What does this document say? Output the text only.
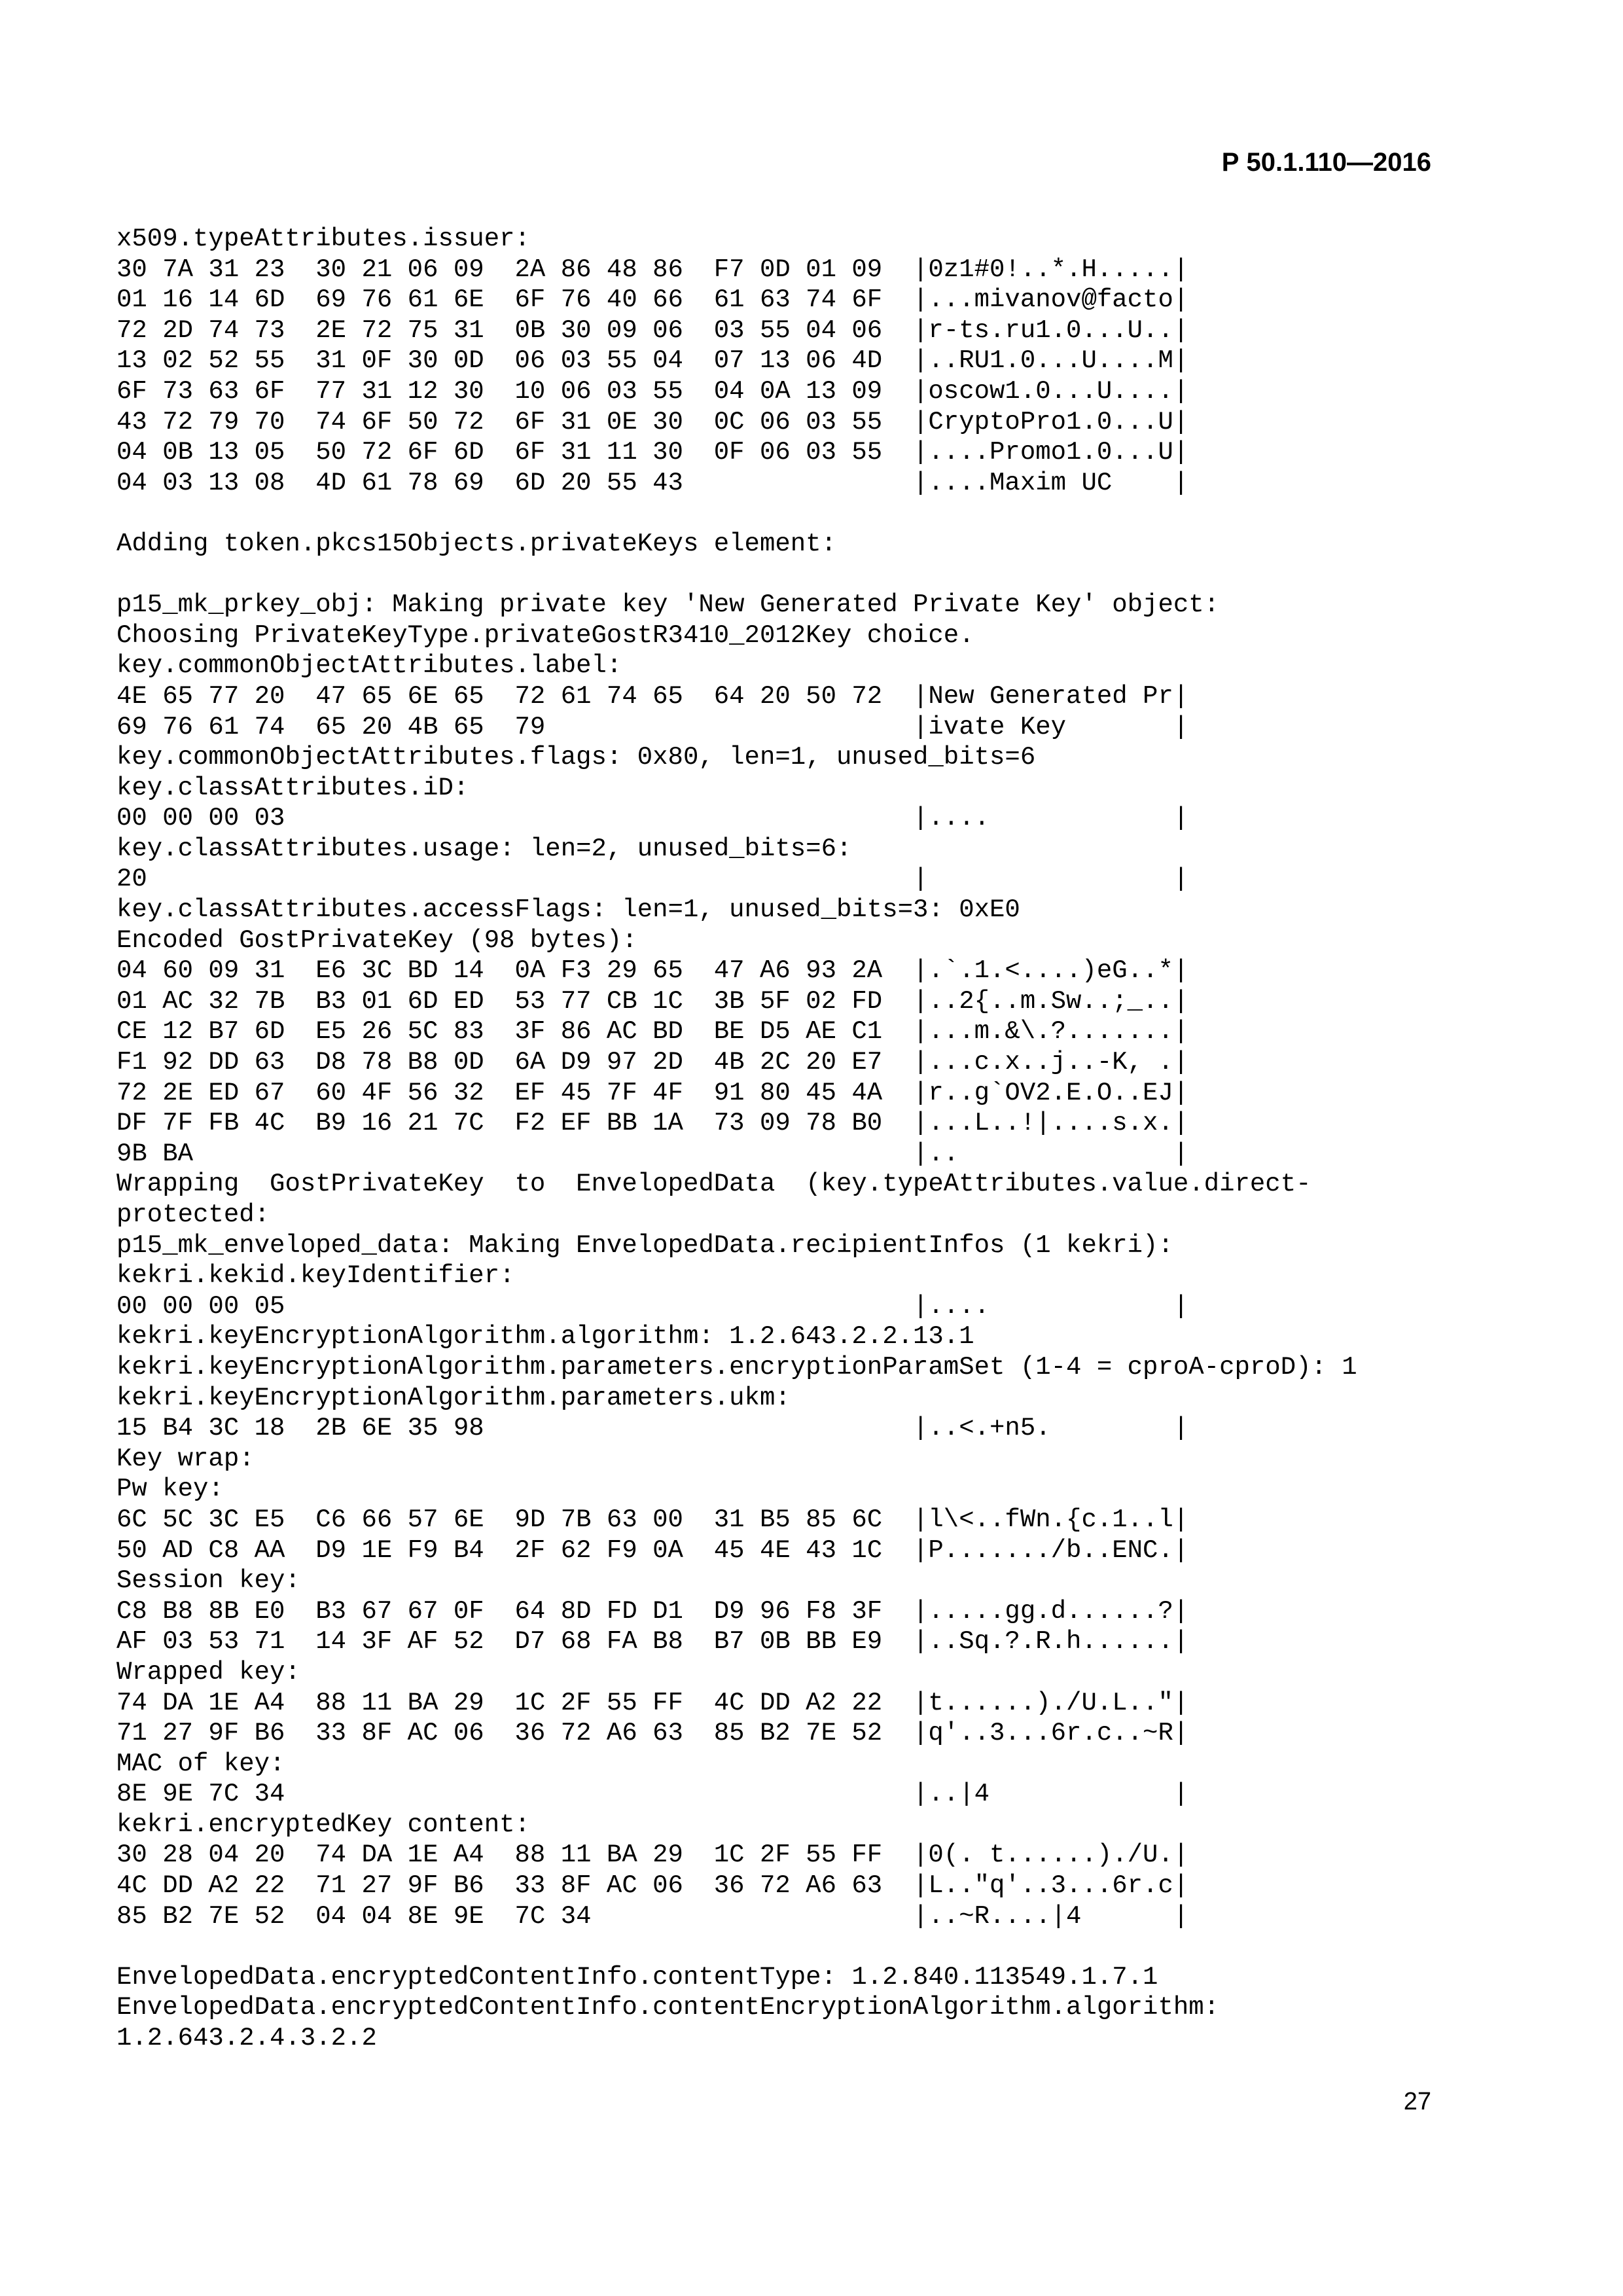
Р 50.1.110—2016
x509.typeAttributes.issuer:
30 7A 31 23  30 21 06 09  2A 86 48 86  F7 0D 01 09  |0z1#0!..*.H.....|
01 16 14 6D  69 76 61 6E  6F 76 40 66  61 63 74 6F  |...mivanov@facto|
72 2D 74 73  2E 72 75 31  0B 30 09 06  03 55 04 06  |r-ts.ru1.0...U..|
13 02 52 55  31 0F 30 0D  06 03 55 04  07 13 06 4D  |..RU1.0...U....M|
6F 73 63 6F  77 31 12 30  10 06 03 55  04 0A 13 09  |oscow1.0...U....|
43 72 79 70  74 6F 50 72  6F 31 0E 30  0C 06 03 55  |CryptoPro1.0...U|
04 0B 13 05  50 72 6F 6D  6F 31 11 30  0F 06 03 55  |....Promo1.0...U|
04 03 13 08  4D 61 78 69  6D 20 55 43               |....Maxim UC    |
Adding token.pkcs15Objects.privateKeys element:
p15_mk_prkey_obj: Making private key 'New Generated Private Key' object:
Choosing PrivateKeyType.privateGostR3410_2012Key choice.
key.commonObjectAttributes.label:
4E 65 77 20  47 65 6E 65  72 61 74 65  64 20 50 72  |New Generated Pr|
69 76 61 74  65 20 4B 65  79                        |ivate Key       |
key.commonObjectAttributes.flags: 0x80, len=1, unused_bits=6
key.classAttributes.iD:
00 00 00 03                                         |....            |
key.classAttributes.usage: len=2, unused_bits=6:
20                                                  |                |
key.classAttributes.accessFlags: len=1, unused_bits=3: 0xE0
Encoded GostPrivateKey (98 bytes):
04 60 09 31  E6 3C BD 14  0A F3 29 65  47 A6 93 2A  |.`.1.<....)eG..*|
01 AC 32 7B  B3 01 6D ED  53 77 CB 1C  3B 5F 02 FD  |..2{..m.Sw..;_..|
CE 12 B7 6D  E5 26 5C 83  3F 86 AC BD  BE D5 AE C1  |...m.&\.?.......|
F1 92 DD 63  D8 78 B8 0D  6A D9 97 2D  4B 2C 20 E7  |...c.x..j..-K, .|
72 2E ED 67  60 4F 56 32  EF 45 7F 4F  91 80 45 4A  |r..g`OV2.E.O..EJ|
DF 7F FB 4C  B9 16 21 7C  F2 EF BB 1A  73 09 78 B0  |...L..!|....s.x.|
9B BA                                               |..              |
Wrapping  GostPrivateKey  to  EnvelopedData  (key.typeAttributes.value.direct-
protected:
p15_mk_enveloped_data: Making EnvelopedData.recipientInfos (1 kekri):
kekri.kekid.keyIdentifier:
00 00 00 05                                         |....            |
kekri.keyEncryptionAlgorithm.algorithm: 1.2.643.2.2.13.1
kekri.keyEncryptionAlgorithm.parameters.encryptionParamSet (1-4 = cproA-cproD): 1
kekri.keyEncryptionAlgorithm.parameters.ukm:
15 B4 3C 18  2B 6E 35 98                            |..<.+n5.        |
Key wrap:
Pw key:
6C 5C 3C E5  C6 66 57 6E  9D 7B 63 00  31 B5 85 6C  |l\<..fWn.{c.1..l|
50 AD C8 AA  D9 1E F9 B4  2F 62 F9 0A  45 4E 43 1C  |P......./b..ENC.|
Session key:
C8 B8 8B E0  B3 67 67 0F  64 8D FD D1  D9 96 F8 3F  |.....gg.d......?|
AF 03 53 71  14 3F AF 52  D7 68 FA B8  B7 0B BB E9  |..Sq.?.R.h......|
Wrapped key:
74 DA 1E A4  88 11 BA 29  1C 2F 55 FF  4C DD A2 22  |t......)./U.L.."|
71 27 9F B6  33 8F AC 06  36 72 A6 63  85 B2 7E 52  |q'..3...6r.c..~R|
MAC of key:
8E 9E 7C 34                                         |..|4            |
kekri.encryptedKey content:
30 28 04 20  74 DA 1E A4  88 11 BA 29  1C 2F 55 FF  |0(. t......)./U.|
4C DD A2 22  71 27 9F B6  33 8F AC 06  36 72 A6 63  |L.."q'..3...6r.c|
85 B2 7E 52  04 04 8E 9E  7C 34                     |..~R....|4      |
EnvelopedData.encryptedContentInfo.contentType: 1.2.840.113549.1.7.1
EnvelopedData.encryptedContentInfo.contentEncryptionAlgorithm.algorithm:
1.2.643.2.4.3.2.2
27
